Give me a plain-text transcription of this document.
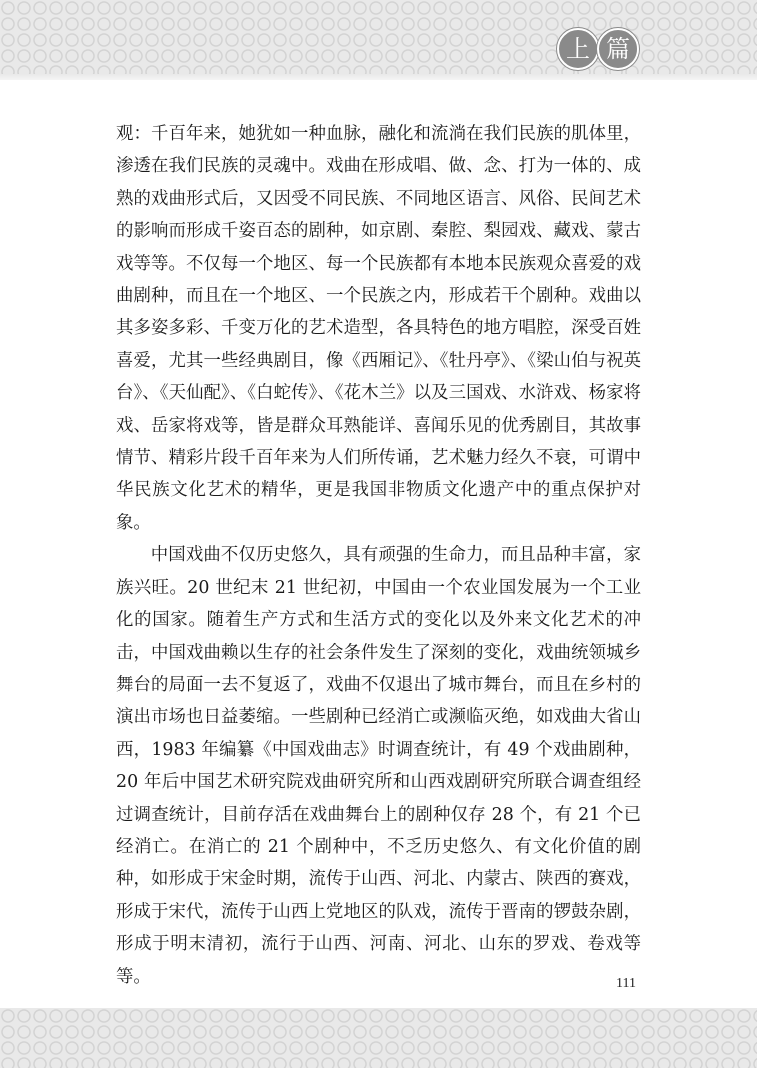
上 篇

观：千百年来，她犹如一种血脉，融化和流淌在我们民族的肌体里，渗透在我们民族的灵魂中。戏曲在形成唱、做、念、打为一体的、成熟的戏曲形式后，又因受不同民族、不同地区语言、风俗、民间艺术的影响而形成千姿百态的剧种，如京剧、秦腔、梨园戏、藏戏、蒙古戏等等。不仅每一个地区、每一个民族都有本地本民族观众喜爱的戏曲剧种，而且在一个地区、一个民族之内，形成若干个剧种。戏曲以其多姿多彩、千变万化的艺术造型，各具特色的地方唱腔，深受百姓喜爱，尤其一些经典剧目，像《西厢记》、《牡丹亭》、《梁山伯与祝英台》、《天仙配》、《白蛇传》、《花木兰》以及三国戏、水浒戏、杨家将戏、岳家将戏等，皆是群众耳熟能详、喜闻乐见的优秀剧目，其故事情节、精彩片段千百年来为人们所传诵，艺术魅力经久不衰，可谓中华民族文化艺术的精华，更是我国非物质文化遗产中的重点保护对象。

中国戏曲不仅历史悠久，具有顽强的生命力，而且品种丰富，家族兴旺。20 世纪末 21 世纪初，中国由一个农业国发展为一个工业化的国家。随着生产方式和生活方式的变化以及外来文化艺术的冲击，中国戏曲赖以生存的社会条件发生了深刻的变化，戏曲统领城乡舞台的局面一去不复返了，戏曲不仅退出了城市舞台，而且在乡村的演出市场也日益萎缩。一些剧种已经消亡或濒临灭绝，如戏曲大省山西，1983 年编纂《中国戏曲志》时调查统计，有 49 个戏曲剧种，20 年后中国艺术研究院戏曲研究所和山西戏剧研究所联合调查组经过调查统计，目前存活在戏曲舞台上的剧种仅存 28 个，有 21 个已经消亡。在消亡的 21 个剧种中，不乏历史悠久、有文化价值的剧种，如形成于宋金时期，流传于山西、河北、内蒙古、陕西的赛戏，形成于宋代，流传于山西上党地区的队戏，流传于晋南的锣鼓杂剧，形成于明末清初，流行于山西、河南、河北、山东的罗戏、卷戏等等。	111
